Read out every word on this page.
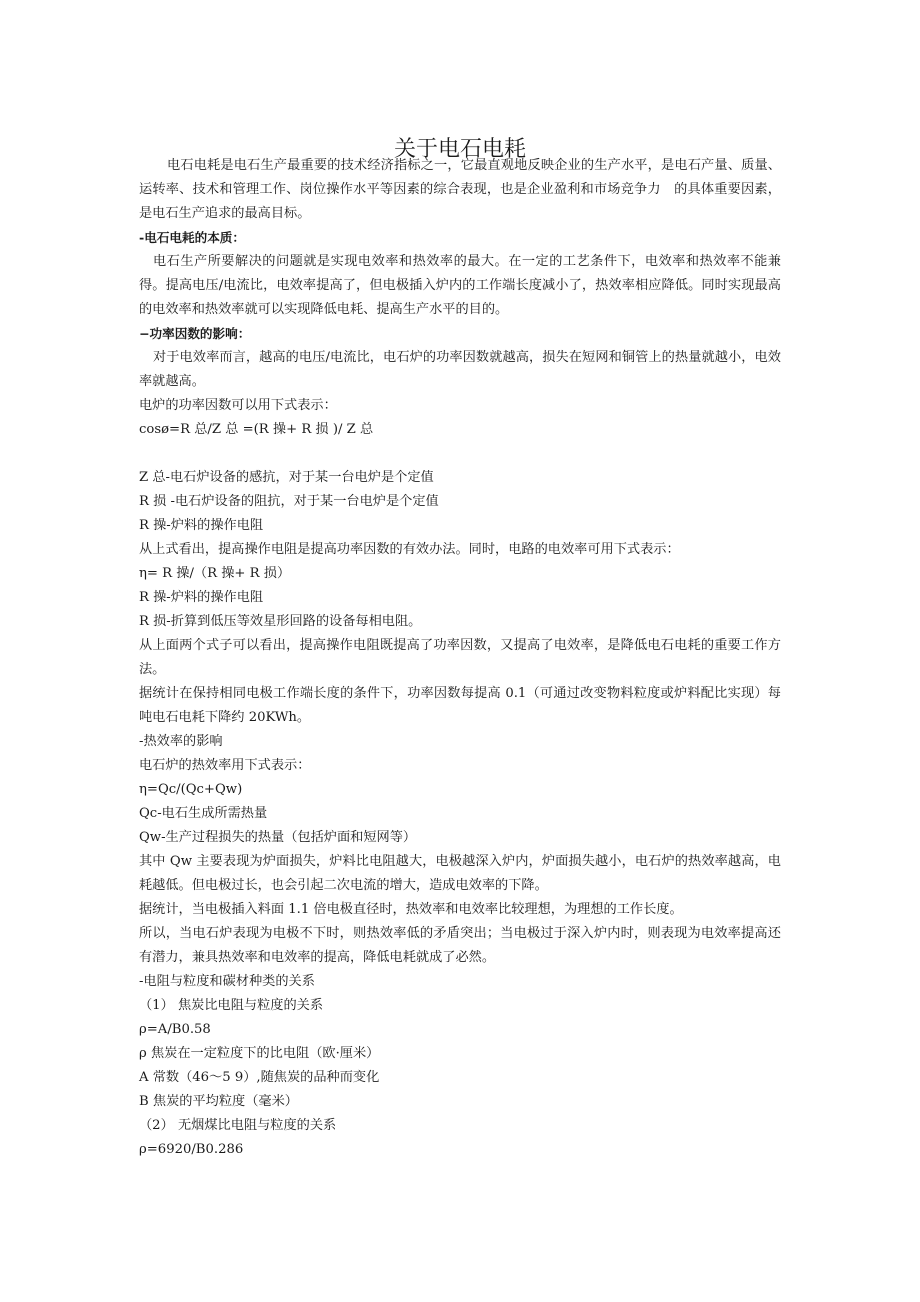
关于电石电耗

电石电耗是电石生产最重要的技术经济指标之一，它最直观地反映企业的生产水平，是电石产量、质量、运转率、技术和管理工作、岗位操作水平等因素的综合表现，也是企业盈利和市场竞争力　的具体重要因素，是电石生产追求的最高目标。

-电石电耗的本质：

电石生产所要解决的问题就是实现电效率和热效率的最大。在一定的工艺条件下，电效率和热效率不能兼得。提高电压/电流比，电效率提高了，但电极插入炉内的工作端长度减小了，热效率相应降低。同时实现最高的电效率和热效率就可以实现降低电耗、提高生产水平的目的。

−功率因数的影响：

对于电效率而言，越高的电压/电流比，电石炉的功率因数就越高，损失在短网和铜管上的热量就越小，电效率就越高。

电炉的功率因数可以用下式表示：

cosø=R 总/Z 总 =(R 操+ R 损 )/ Z 总

Z 总-电石炉设备的感抗，对于某一台电炉是个定值

R 损 -电石炉设备的阻抗，对于某一台电炉是个定值

R 操-炉料的操作电阻

从上式看出，提高操作电阻是提高功率因数的有效办法。同时，电路的电效率可用下式表示：

η= R 操/（R 操+ R 损）

R 操-炉料的操作电阻

R 损-折算到低压等效星形回路的设备每相电阻。

从上面两个式子可以看出，提高操作电阻既提高了功率因数，又提高了电效率，是降低电石电耗的重要工作方法。

据统计在保持相同电极工作端长度的条件下，功率因数每提高 0.1（可通过改变物料粒度或炉料配比实现）每吨电石电耗下降约 20KWh。

-热效率的影响

电石炉的热效率用下式表示：

η=Qc/(Qc+Qw)

Qc-电石生成所需热量

Qw-生产过程损失的热量（包括炉面和短网等）

其中 Qw 主要表现为炉面损失，炉料比电阻越大，电极越深入炉内，炉面损失越小，电石炉的热效率越高，电耗越低。但电极过长，也会引起二次电流的增大，造成电效率的下降。

据统计，当电极插入料面 1.1 倍电极直径时，热效率和电效率比较理想，为理想的工作长度。

所以，当电石炉表现为电极不下时，则热效率低的矛盾突出；当电极过于深入炉内时，则表现为电效率提高还有潜力，兼具热效率和电效率的提高，降低电耗就成了必然。

-电阻与粒度和碳材种类的关系

（1） 焦炭比电阻与粒度的关系

ρ=A/B0.58

ρ 焦炭在一定粒度下的比电阻（欧·厘米）

A 常数（46～5 9）,随焦炭的品种而变化

B 焦炭的平均粒度（毫米）

（2） 无烟煤比电阻与粒度的关系

ρ=6920/B0.286
